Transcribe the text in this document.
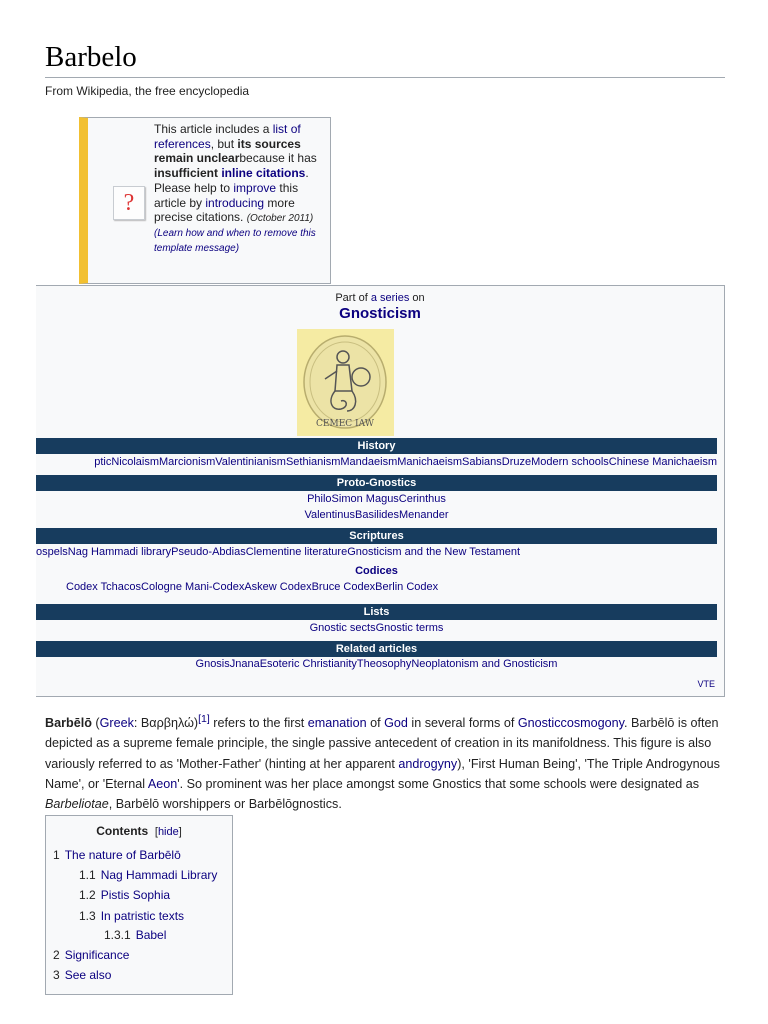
Barbelo
From Wikipedia, the free encyclopedia
?
This article includes a list of references, but its sources remain unclearbecause it has insufficient inline citations. Please help to improve this article by introducing more precise citations. (October 2011)(Learn how and when to remove this template message)
Part of a series on
Gnosticism
CEMEC IAW
History
pticNicolaismMarcionismValentinianismSethianismMandaeismManichaeismSabiansDruzeModern schoolsChinese Manichaeism
Proto-Gnostics
PhiloSimon MagusCerinthus
ValentinusBasilidesMenander
Scriptures
ospelsNag Hammadi libraryPseudo-AbdiasClementine literatureGnosticism and the New Testament
Codices
Codex TchacosCologne Mani-CodexAskew CodexBruce CodexBerlin Codex
Lists
Gnostic sectsGnostic terms
Related articles
GnosisJnanaEsoteric ChristianityTheosophyNeoplatonism and Gnosticism
VTE
Barbēlō (Greek: Βαρβηλώ)[1] refers to the first emanation of God in several forms of Gnosticcosmogony. Barbēlō is often depicted as a supreme female principle, the single passive antecedent of creation in its manifoldness. This figure is also variously referred to as 'Mother-Father' (hinting at her apparent androgyny), 'First Human Being', 'The Triple Androgynous Name', or 'Eternal Aeon'. So prominent was her place amongst some Gnostics that some schools were designated as Barbeliotae, Barbēlō worshippers or Barbēlōgnostics.
Contents [hide]
1 The nature of Barbēlō
1.1 Nag Hammadi Library
1.2 Pistis Sophia
1.3 In patristic texts
1.3.1 Babel
2 Significance
3 See also
